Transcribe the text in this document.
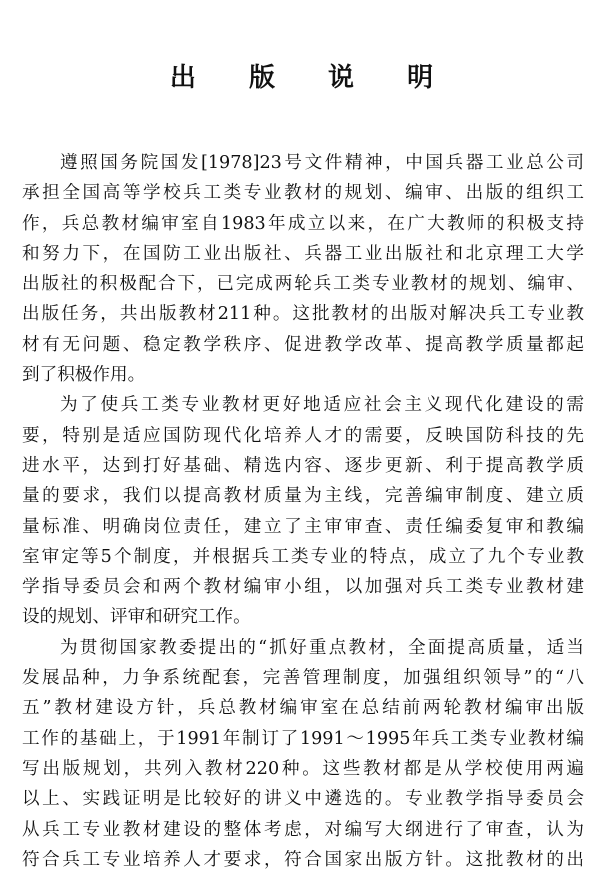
出 版 说 明
遵照国务院国发[1978]23号文件精神，中国兵器工业总公司
承担全国高等学校兵工类专业教材的规划、编审、出版的组织工
作，兵总教材编审室自1983年成立以来，在广大教师的积极支持
和努力下，在国防工业出版社、兵器工业出版社和北京理工大学
出版社的积极配合下，已完成两轮兵工类专业教材的规划、编审、
出版任务，共出版教材211种。这批教材的出版对解决兵工专业教
材有无问题、稳定教学秩序、促进教学改革、提高教学质量都起
到了积极作用。
为了使兵工类专业教材更好地适应社会主义现代化建设的需
要，特别是适应国防现代化培养人才的需要，反映国防科技的先
进水平，达到打好基础、精选内容、逐步更新、利于提高教学质
量的要求，我们以提高教材质量为主线，完善编审制度、建立质
量标准、明确岗位责任，建立了主审审查、责任编委复审和教编
室审定等5个制度，并根据兵工类专业的特点，成立了九个专业教
学指导委员会和两个教材编审小组，以加强对兵工类专业教材建
设的规划、评审和研究工作。
为贯彻国家教委提出的“抓好重点教材，全面提高质量，适当
发展品种，力争系统配套，完善管理制度，加强组织领导”的“八
五”教材建设方针，兵总教材编审室在总结前两轮教材编审出版
工作的基础上，于1991年制订了1991～1995年兵工类专业教材编
写出版规划，共列入教材220种。这些教材都是从学校使用两遍
以上、实践证明是比较好的讲义中遴选的。专业教学指导委员会
从兵工专业教材建设的整体考虑，对编写大纲进行了审查，认为
符合兵工专业培养人才要求，符合国家出版方针。这批教材的出
